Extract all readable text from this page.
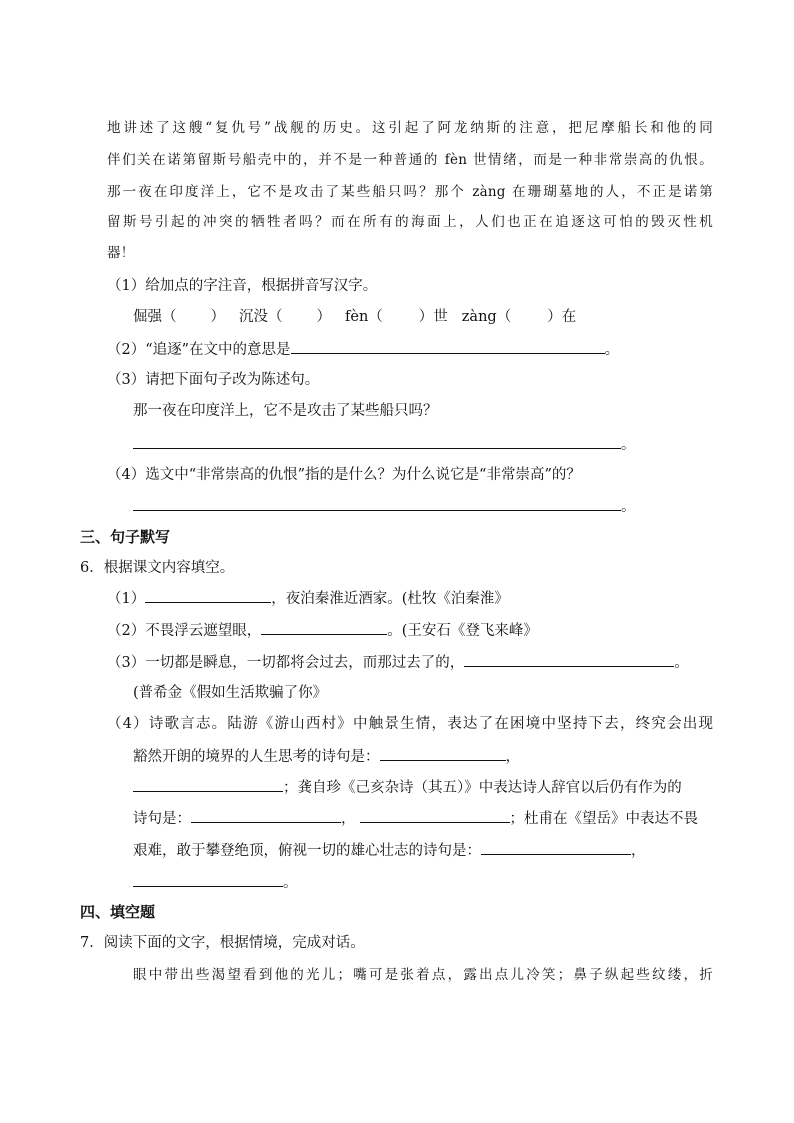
地讲述了这艘“复仇号”战舰的历史。这引起了阿龙纳斯的注意，把尼摩船长和他的同
伴们关在诺第留斯号船壳中的，并不是一种普通的 fèn 世情绪，而是一种非常崇高的仇恨。
那一夜在印度洋上，它不是攻击了某些船只吗？那个 zàng 在珊瑚墓地的人，不正是诺第
留斯号引起的冲突的牺牲者吗？而在所有的海面上，人们也正在追逐这可怕的毁灭性机
器！
（1）给加点的字注音，根据拼音写汉字。
倔强（ ） 沉没（ ） fèn（ ）世 zàng（ ）在
（2）“追逐”在文中的意思是	。
（3）请把下面句子改为陈述句。
那一夜在印度洋上，它不是攻击了某些船只吗？
。
（4）选文中“非常崇高的仇恨”指的是什么？为什么说它是“非常崇高”的？
。
三、句子默写
6．根据课文内容填空。
（1）	，夜泊秦淮近酒家。(杜牧《泊秦淮》
（2）不畏浮云遮望眼，	。(王安石《登飞来峰》
（3）一切都是瞬息，一切都将会过去，而那过去了的，	。
(普希金《假如生活欺骗了你》
（4）诗歌言志。陆游《游山西村》中触景生情，表达了在困境中坚持下去，终究会出现
豁然开朗的境界的人生思考的诗句是：	，
；龚自珍《己亥杂诗（其五）》中表达诗人辞官以后仍有作为的
诗句是：	，	；杜甫在《望岳》中表达不畏
艰难，敢于攀登绝顶，俯视一切的雄心壮志的诗句是：	，
。
四、填空题
7．阅读下面的文字，根据情境，完成对话。
眼中带出些渴望看到他的光儿；嘴可是张着点，露出点儿冷笑；鼻子纵起些纹缕，折
